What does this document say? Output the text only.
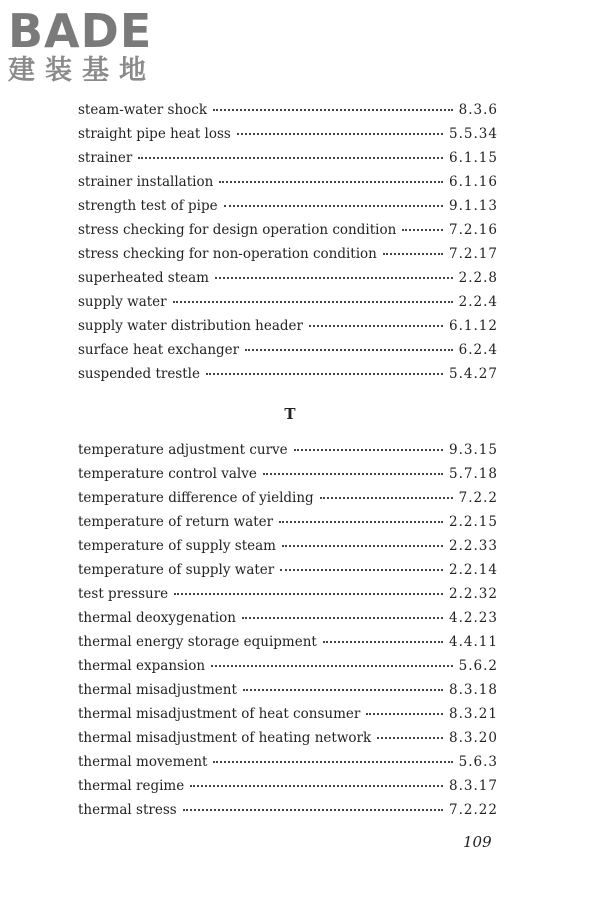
BADE
建装基地
steam-water shock	8.3.6
straight pipe heat loss	5.5.34
strainer	6.1.15
strainer installation	6.1.16
strength test of pipe	9.1.13
stress checking for design operation condition	7.2.16
stress checking for non-operation condition	7.2.17
superheated steam	2.2.8
supply water	2.2.4
supply water distribution header	6.1.12
surface heat exchanger	6.2.4
suspended trestle	5.4.27
T
temperature adjustment curve	9.3.15
temperature control valve	5.7.18
temperature difference of yielding	7.2.2
temperature of return water	2.2.15
temperature of supply steam	2.2.33
temperature of supply water	2.2.14
test pressure	2.2.32
thermal deoxygenation	4.2.23
thermal energy storage equipment	4.4.11
thermal expansion	5.6.2
thermal misadjustment	8.3.18
thermal misadjustment of heat consumer	8.3.21
thermal misadjustment of heating network	8.3.20
thermal movement	5.6.3
thermal regime	8.3.17
thermal stress	7.2.22
109
